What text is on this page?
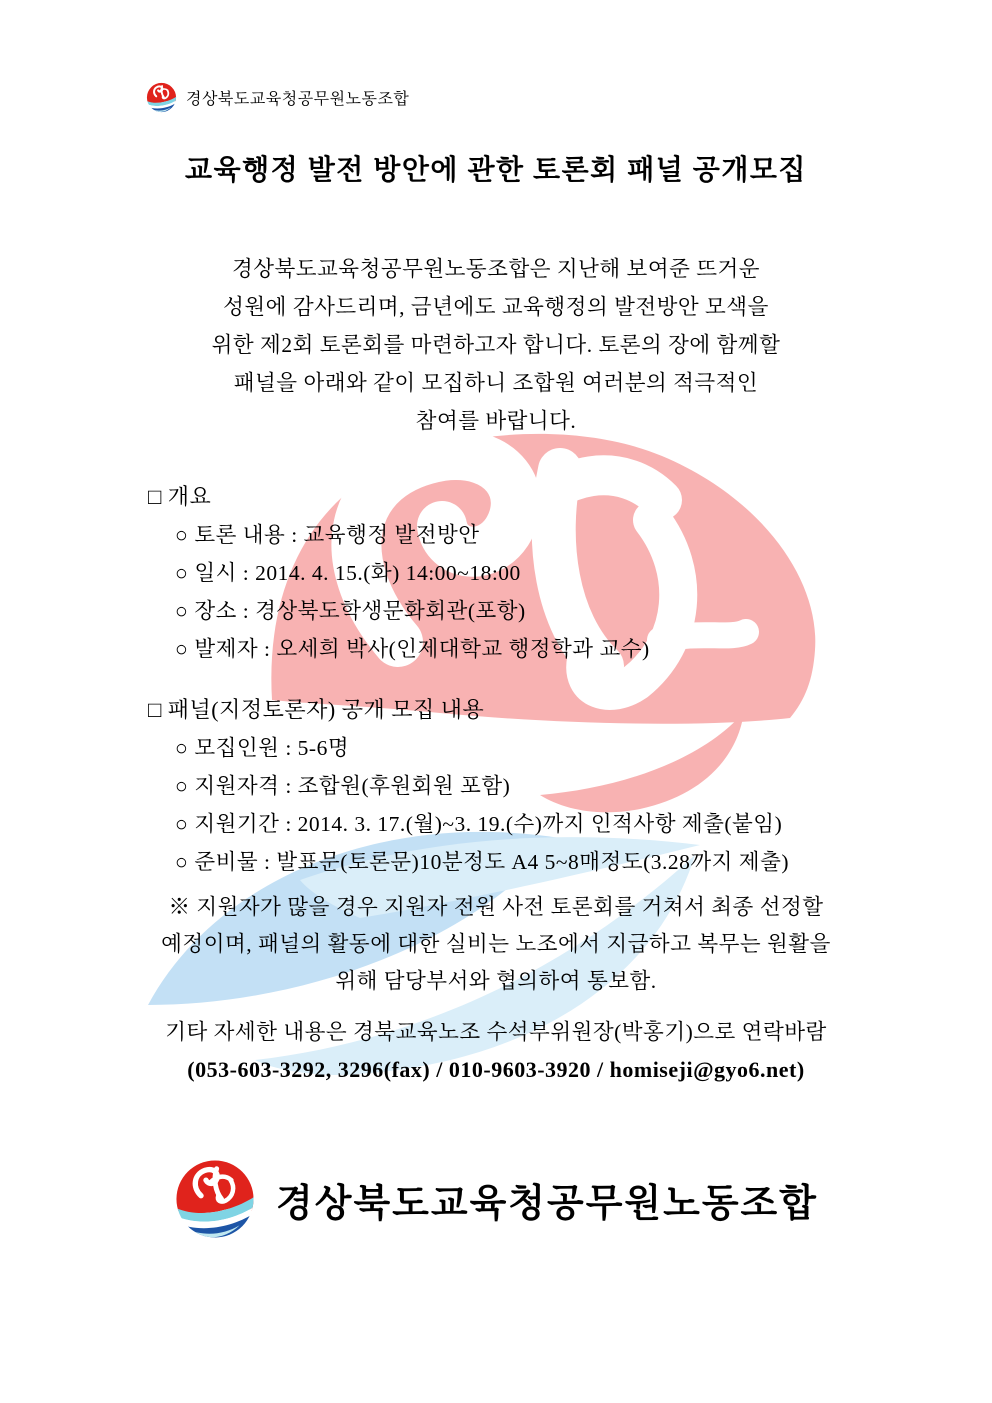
경상북도교육청공무원노동조합
교육행정 발전 방안에 관한 토론회 패널 공개모집

경상북도교육청공무원노동조합은 지난해 보여준 뜨거운

성원에 감사드리며, 금년에도 교육행정의 발전방안 모색을

위한 제2회 토론회를 마련하고자 합니다. 토론의 장에 함께할

패널을 아래와 같이 모집하니 조합원 여러분의 적극적인

참여를 바랍니다.

□ 개요

○ 토론 내용 : 교육행정 발전방안

○ 일시 : 2014. 4. 15.(화) 14:00~18:00

○ 장소 : 경상북도학생문화회관(포항)

○ 발제자 : 오세희 박사(인제대학교 행정학과 교수)

□ 패널(지정토론자) 공개 모집 내용

○ 모집인원 : 5-6명

○ 지원자격 : 조합원(후원회원 포함)

○ 지원기간 : 2014. 3. 17.(월)~3. 19.(수)까지 인적사항 제출(붙임)

○ 준비물 : 발표문(토론문)10분정도 A4 5~8매정도(3.28까지 제출)

※ 지원자가 많을 경우 지원자 전원 사전 토론회를 거쳐서 최종 선정할

예정이며, 패널의 활동에 대한 실비는 노조에서 지급하고 복무는 원활을

위해 담당부서와 협의하여 통보함.

기타 자세한 내용은 경북교육노조 수석부위원장(박홍기)으로 연락바람

(053-603-3292, 3296(fax) / 010-9603-3920 / homiseji@gyo6.net)

경상북도교육청공무원노동조합
